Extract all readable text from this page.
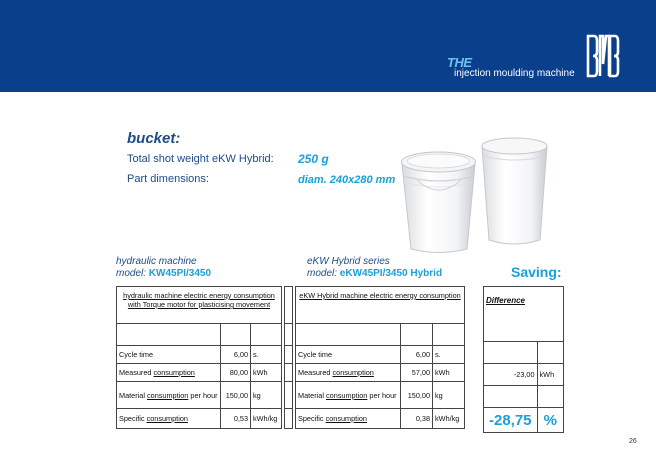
THE
injection moulding machine
bucket:
Total shot weight eKW Hybrid: 250 g
Part dimensions:	diam. 240x280 mm
hydraulic machine
model: KW45PI/3450
eKW Hybrid series
model: eKW45PI/3450 Hybrid	Saving:
hydraulic machine electric energy consumption with Torque motor for plasticising movement		

Cycle time	6,00	s.
Measured consumption	80,00	kWh
Material consumption per hour	150,00	kg
Specific consumption	0,53	kWh/kg

eKW Hybrid machine electric energy consumption		

Cycle time	6,00	s.
Measured consumption	57,00	kWh
Material consumption per hour	150,00	kg
Specific consumption	0,38	kWh/kg
Difference	

-23,00	kWh

-28,75	%
26
